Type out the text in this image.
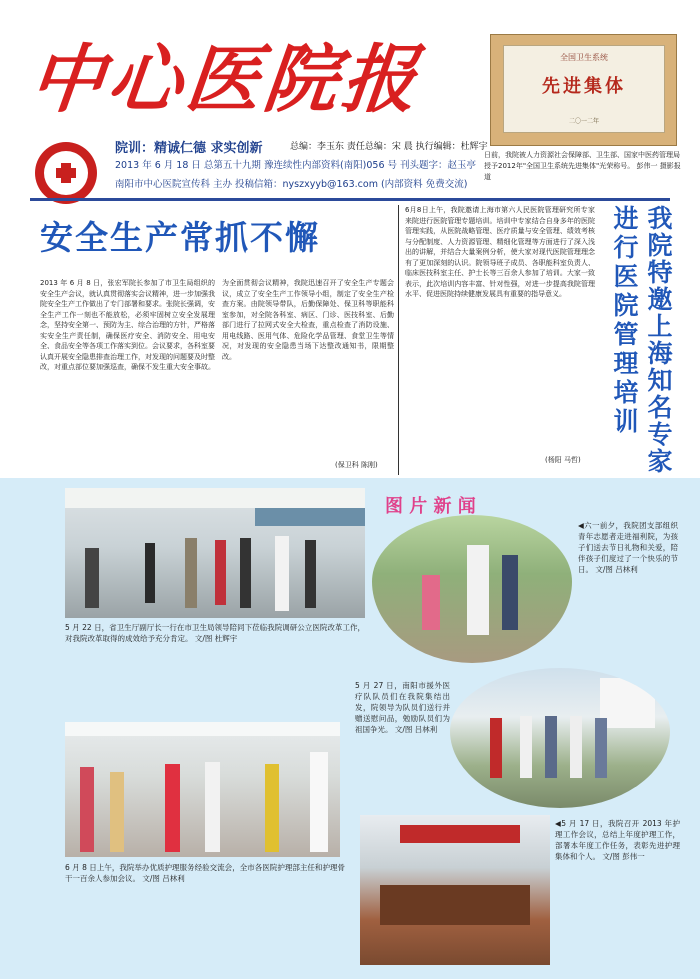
中心医院报	全国卫生系统
先进集体
二〇一二年
日前，我院被人力资源社会保障部、卫生部、国家中医药管理局授予2012年"全国卫生系统先进集体"光荣称号。 彭伟一 摄影报道
院训：精诚仁德 求实创新	总编：李玉东 责任总编：宋 晨 执行编辑：杜辉宇
2013 年 6 月 18 日 总第五十九期 豫连续性内部资料(南阳)056 号 刊头题字：赵玉亭
南阳市中心医院宣传科 主办 投稿信箱：nyszxyyb@163.com (内部资料 免费交流)
安全生产常抓不懈
2013 年 6 月 8 日，张宏军院长参加了市卫生局组织的安全生产会议，就认真贯彻落实会议精神，进一步加强我院安全生产工作做出了专门部署和要求。张院长强调，安全生产工作一刻也不能放松，必须牢固树立安全发展理念，坚持安全第一、预防为主、综合治理的方针，严格落实安全生产责任制，确保医疗安全、消防安全、用电安全、食品安全等各项工作落实到位。会议要求，各科室要认真开展安全隐患排查治理工作，对发现的问题要及时整改，对重点部位要加强巡查，确保不发生重大安全事故。
为全面贯彻会议精神，我院迅速召开了安全生产专题会议，成立了安全生产工作领导小组，制定了安全生产检查方案。由院领导带队，后勤保障处、保卫科等职能科室参加，对全院各科室、病区、门诊、医技科室、后勤部门进行了拉网式安全大检查，重点检查了消防设施、用电线路、医用气体、危险化学品管理、食堂卫生等情况，对发现的安全隐患当场下达整改通知书，限期整改。
(保卫科 陈刚)	我院特邀上海知名专家
进行医院管理培训
6月8日上午，我院邀请上海市第六人民医院管理研究所专家来院进行医院管理专题培训。培训中专家结合自身多年的医院管理实践，从医院战略管理、医疗质量与安全管理、绩效考核与分配制度、人力资源管理、精细化管理等方面进行了深入浅出的讲解，并结合大量案例分析，使大家对现代医院管理理念有了更加深刻的认识。院领导班子成员、各职能科室负责人、临床医技科室主任、护士长等三百余人参加了培训。大家一致表示，此次培训内容丰富、针对性强，对进一步提高我院管理水平、促进医院持续健康发展具有重要的指导意义。
(杨阳 马哲)
图 片 新 闻
5 月 22 日，省卫生厅副厅长一行在市卫生局领导陪同下莅临我院调研公立医院改革工作，对我院改革取得的成效给予充分肯定。 文/图 杜辉宇
◀六一前夕，我院团支部组织青年志愿者走进福利院，为孩子们送去节日礼物和关爱，陪伴孩子们度过了一个快乐的节日。 文/图 吕林利
5 月 27 日，南阳市援外医疗队队员们在我院集结出发，院领导为队员们送行并赠送慰问品，勉励队员们为祖国争光。 文/图 吕林利
6 月 8 日上午，我院举办优质护理服务经验交流会，全市各医院护理部主任和护理骨干一百余人参加会议。 文/图 吕林利
◀5 月 17 日，我院召开 2013 年护理工作会议，总结上年度护理工作，部署本年度工作任务，表彰先进护理集体和个人。 文/图 彭伟一
